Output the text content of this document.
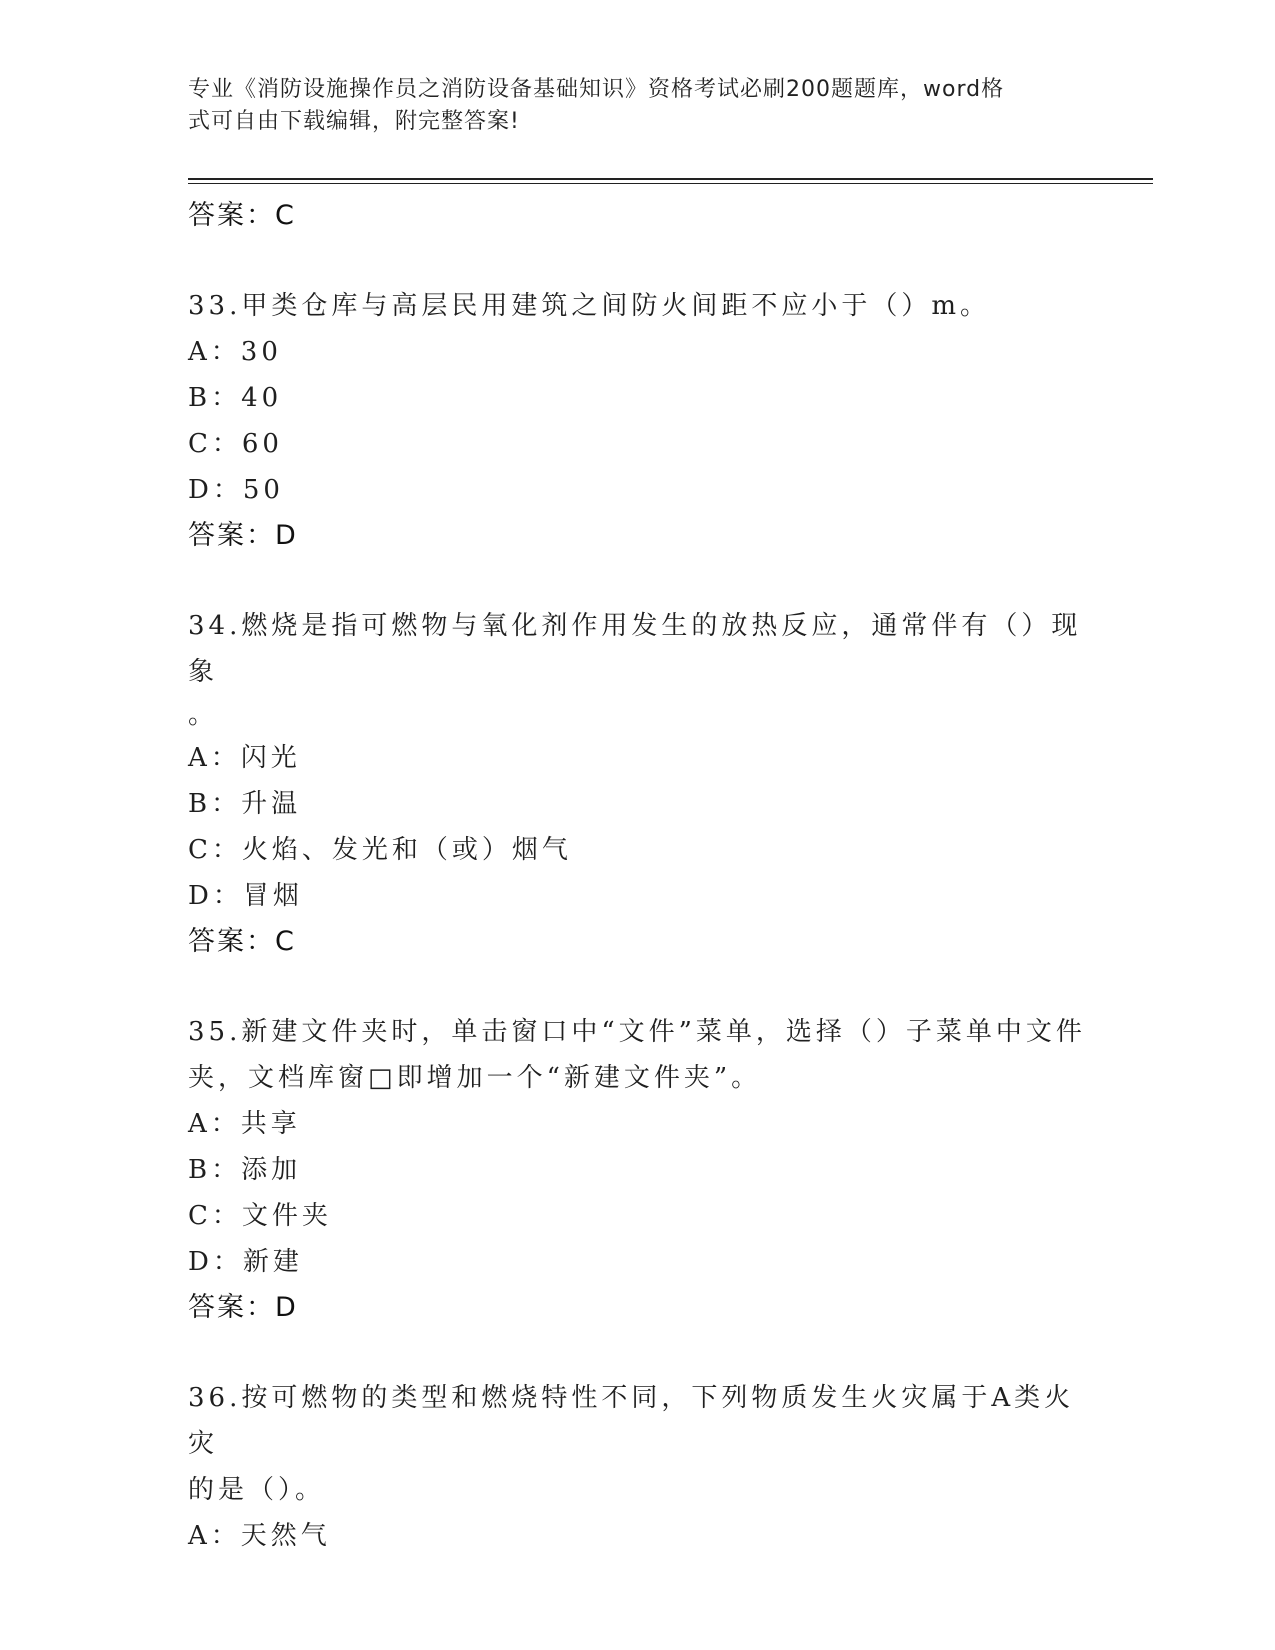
专业《消防设施操作员之消防设备基础知识》资格考试必刷200题题库，word格
式可自由下载编辑，附完整答案!
答案：C
33.甲类仓库与高层民用建筑之间防火间距不应小于（）m。
A：30
B：40
C：60
D：50
答案：D
34.燃烧是指可燃物与氧化剂作用发生的放热反应，通常伴有（）现象
。
A：闪光
B：升温
C：火焰、发光和（或）烟气
D：冒烟
答案：C
35.新建文件夹时，单击窗口中“文件”菜单，选择（）子菜单中文件
夹，文档库窗□即增加一个“新建文件夹”。
A：共享
B：添加
C：文件夹
D：新建
答案：D
36.按可燃物的类型和燃烧特性不同，下列物质发生火灾属于A类火灾
的是（）。
A：天然气
